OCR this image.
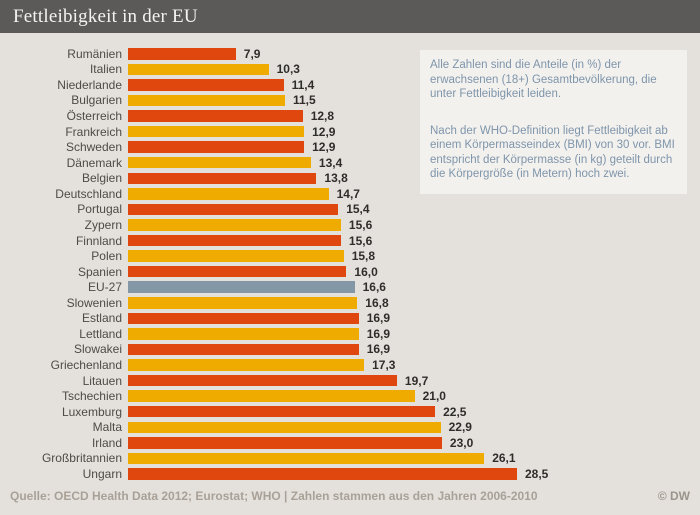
Fettleibigkeit in der EU
Rumänien	7,9
Italien	10,3
Niederlande	11,4
Bulgarien	11,5
Österreich	12,8
Frankreich	12,9
Schweden	12,9
Dänemark	13,4
Belgien	13,8
Deutschland	14,7
Portugal	15,4
Zypern	15,6
Finnland	15,6
Polen	15,8
Spanien	16,0
EU-27	16,6
Slowenien	16,8
Estland	16,9
Lettland	16,9
Slowakei	16,9
Griechenland	17,3
Litauen	19,7
Tschechien	21,0
Luxemburg	22,5
Malta	22,9
Irland	23,0
Großbritannien	26,1
Ungarn	28,5

Alle Zahlen sind die Anteile (in %) der erwachsenen (18+) Gesamtbevölkerung, die unter Fettleibigkeit leiden.

Nach der WHO-Definition liegt Fettleibigkeit ab einem Körpermasseindex (BMI) von 30 vor. BMI entspricht der Körpermasse (in kg) geteilt durch die Körpergröße (in Metern) hoch zwei.

Quelle: OECD Health Data 2012; Eurostat; WHO | Zahlen stammen aus den Jahren 2006-2010	© DW
